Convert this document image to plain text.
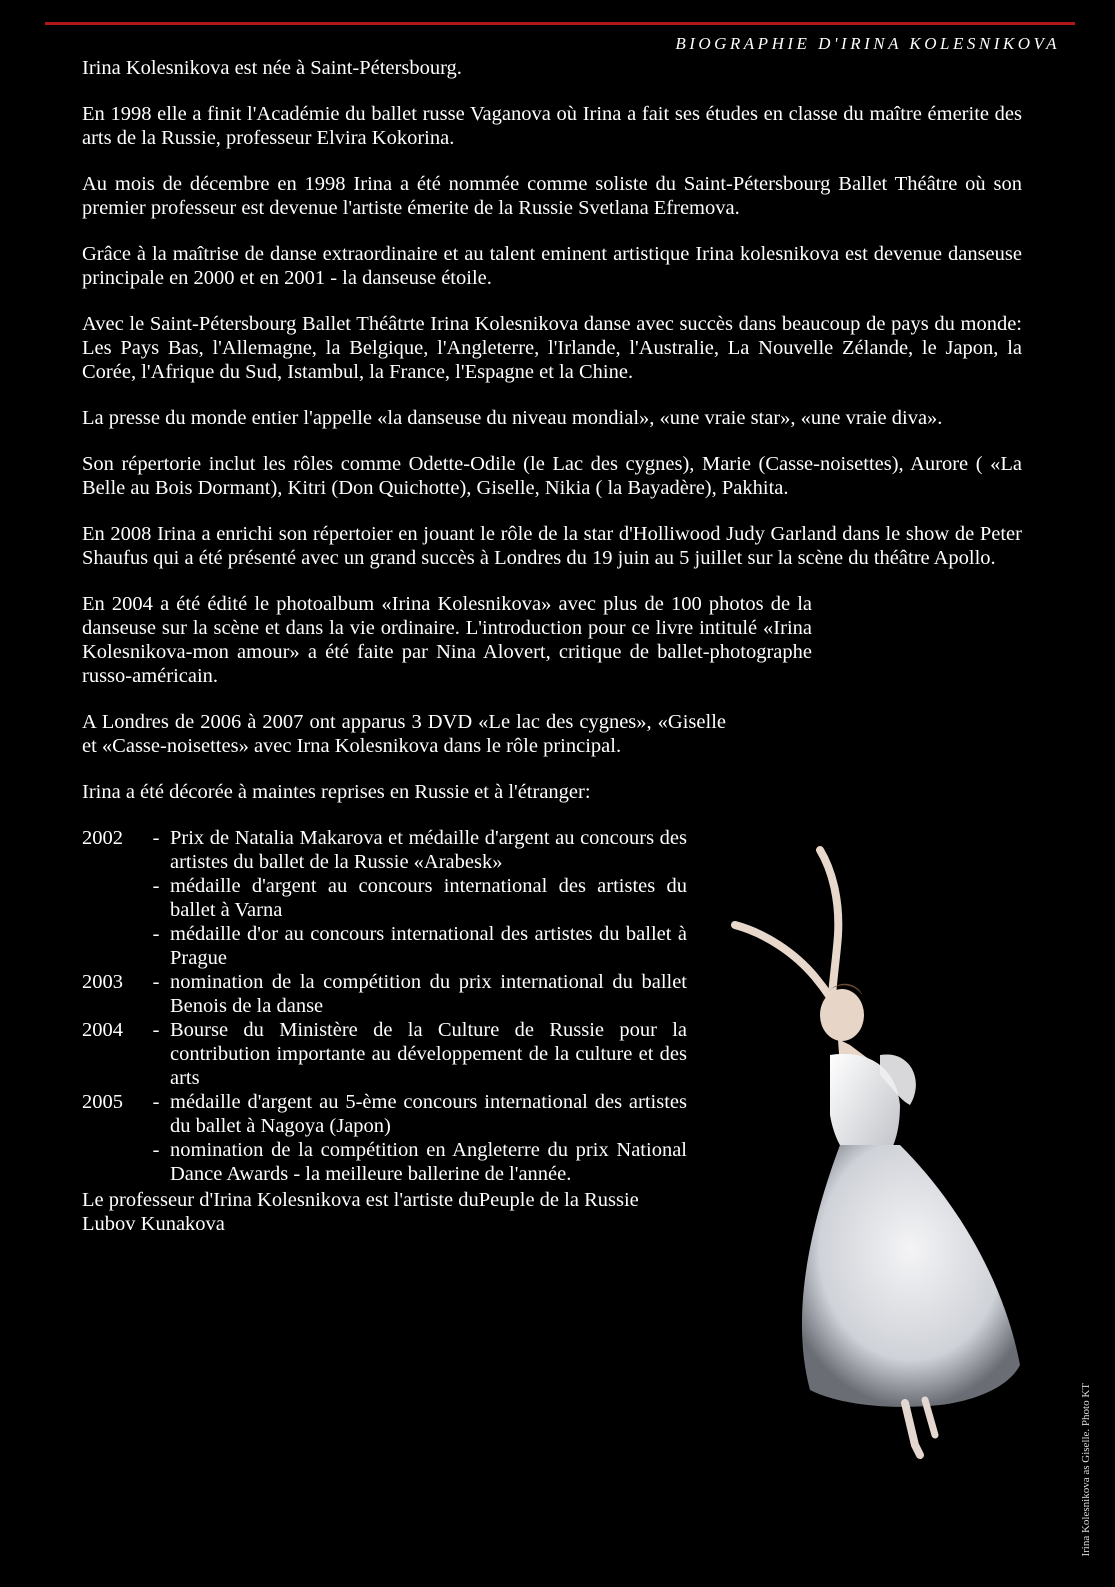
BIOGRAPHIE D'IRINA KOLESNIKOVA

Irina Kolesnikova est née à Saint-Pétersbourg.

En 1998 elle a finit l'Académie du ballet russe Vaganova où Irina a fait ses études en classe du maître émerite des arts de la Russie, professeur Elvira Kokorina.

Au mois de décembre en 1998 Irina a été nommée comme soliste du Saint-Pétersbourg Ballet Théâtre où son premier professeur est devenue l'artiste émerite de la Russie Svetlana Efremova.

Grâce à la maîtrise de danse extraordinaire et au talent eminent artistique Irina kolesnikova est devenue danseuse principale en 2000 et en 2001 - la danseuse étoile.

Avec le Saint-Pétersbourg Ballet Théâtrte Irina Kolesnikova danse avec succès dans beaucoup de pays du monde: Les Pays Bas, l'Allemagne, la Belgique, l'Angleterre, l'Irlande, l'Australie, La Nouvelle Zélande, le Japon, la Corée, l'Afrique du Sud, Istambul, la France, l'Espagne et la Chine.

La presse du monde entier l'appelle «la danseuse du niveau mondial», «une vraie star», «une vraie diva».

Son répertorie inclut les rôles comme Odette-Odile (le Lac des cygnes), Marie (Casse-noisettes), Aurore ( «La Belle au Bois Dormant), Kitri (Don Quichotte), Giselle, Nikia ( la Bayadère), Pakhita.

En 2008 Irina a enrichi son répertoier en jouant le rôle de la star d'Holliwood Judy Garland dans le show de Peter Shaufus qui a été présenté avec un grand succès à Londres du 19 juin au 5 juillet sur la scène du théâtre Apollo.

En 2004 a été édité le photoalbum «Irina Kolesnikova» avec plus de 100 photos de la danseuse sur la scène et dans la vie ordinaire. L'introduction pour ce livre intitulé «Irina Kolesnikova-mon amour» a été faite par Nina Alovert, critique de ballet-photographe russo-américain.

A Londres de 2006 à 2007 ont apparus 3 DVD «Le lac des cygnes», «Giselle et «Casse-noisettes» avec Irna Kolesnikova dans le rôle principal.

Irina a été décorée à maintes reprises en Russie et à l'étranger:

2002	- Prix de Natalia Makarova et médaille d'argent au concours des artistes du ballet de la Russie «Arabesk»
- médaille d'argent au concours international des artistes du ballet à Varna
- médaille d'or au concours international des artistes du ballet à Prague
2003	- nomination de la compétition du prix international du ballet Benois de la danse
2004	- Bourse du Ministère de la Culture de Russie pour la contribution importante au développement de la culture et des arts
2005	- médaille d'argent au 5-ème concours international des artistes du ballet à Nagoya (Japon)
- nomination de la compétition en Angleterre du prix National Dance Awards - la meilleure ballerine de l'année.
Le professeur d'Irina Kolesnikova est l'artiste duPeuple de la Russie Lubov Kunakova
Irina Kolesnikova as Giselle. Photo KT
